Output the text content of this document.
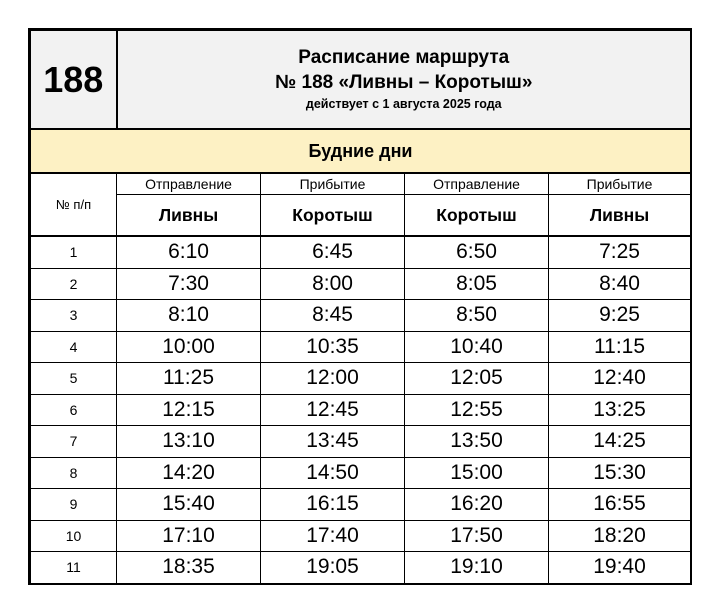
188	Расписание маршрута
№ 188 «Ливны – Коротыш»
действует с 1 августа 2025 года			

Будние дни				
№ п/п	Отправление	Прибытие	Отправление	Прибытие
	Ливны	Коротыш	Коротыш	Ливны
1	6:10	6:45	6:50	7:25
2	7:30	8:00	8:05	8:40
3	8:10	8:45	8:50	9:25
4	10:00	10:35	10:40	11:15
5	11:25	12:00	12:05	12:40
6	12:15	12:45	12:55	13:25
7	13:10	13:45	13:50	14:25
8	14:20	14:50	15:00	15:30
9	15:40	16:15	16:20	16:55
10	17:10	17:40	17:50	18:20
11	18:35	19:05	19:10	19:40
